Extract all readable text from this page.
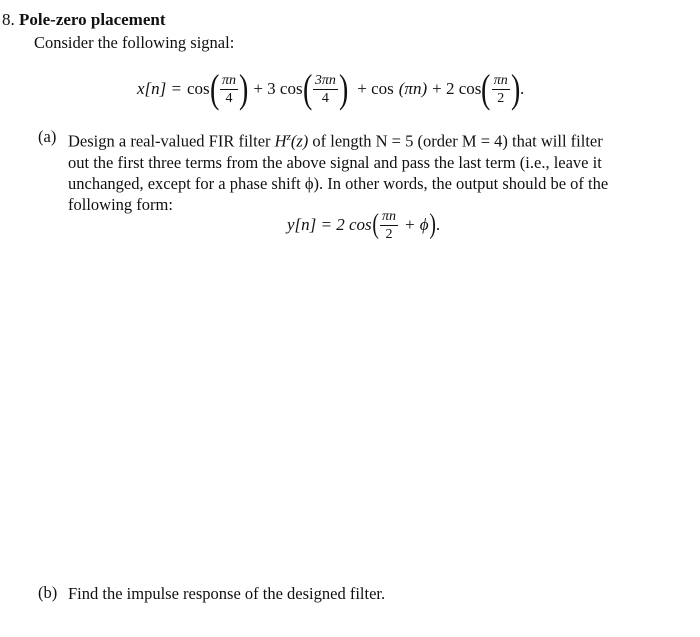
8. Pole-zero placement
Consider the following signal:
x[n] = cos ( $\frac{\pi n}{4}$ ) + 3 cos ( $\frac{3\pi n}{4}$ ) + cos (πn) + 2 cos ( $\frac{\pi n}{2}$ ) .
(a) Design a real-valued FIR filter $H^z(z)$ of length N = 5 (order M = 4) that will filter
out the first three terms from the above signal and pass the last term (i.e., leave it
unchanged, except for a phase shift ϕ). In other words, the output should be of the
following form:
y[n] = 2 cos ( $\frac{\pi n}{2} + \phi$ ) .
(b) Find the impulse response of the designed filter.
